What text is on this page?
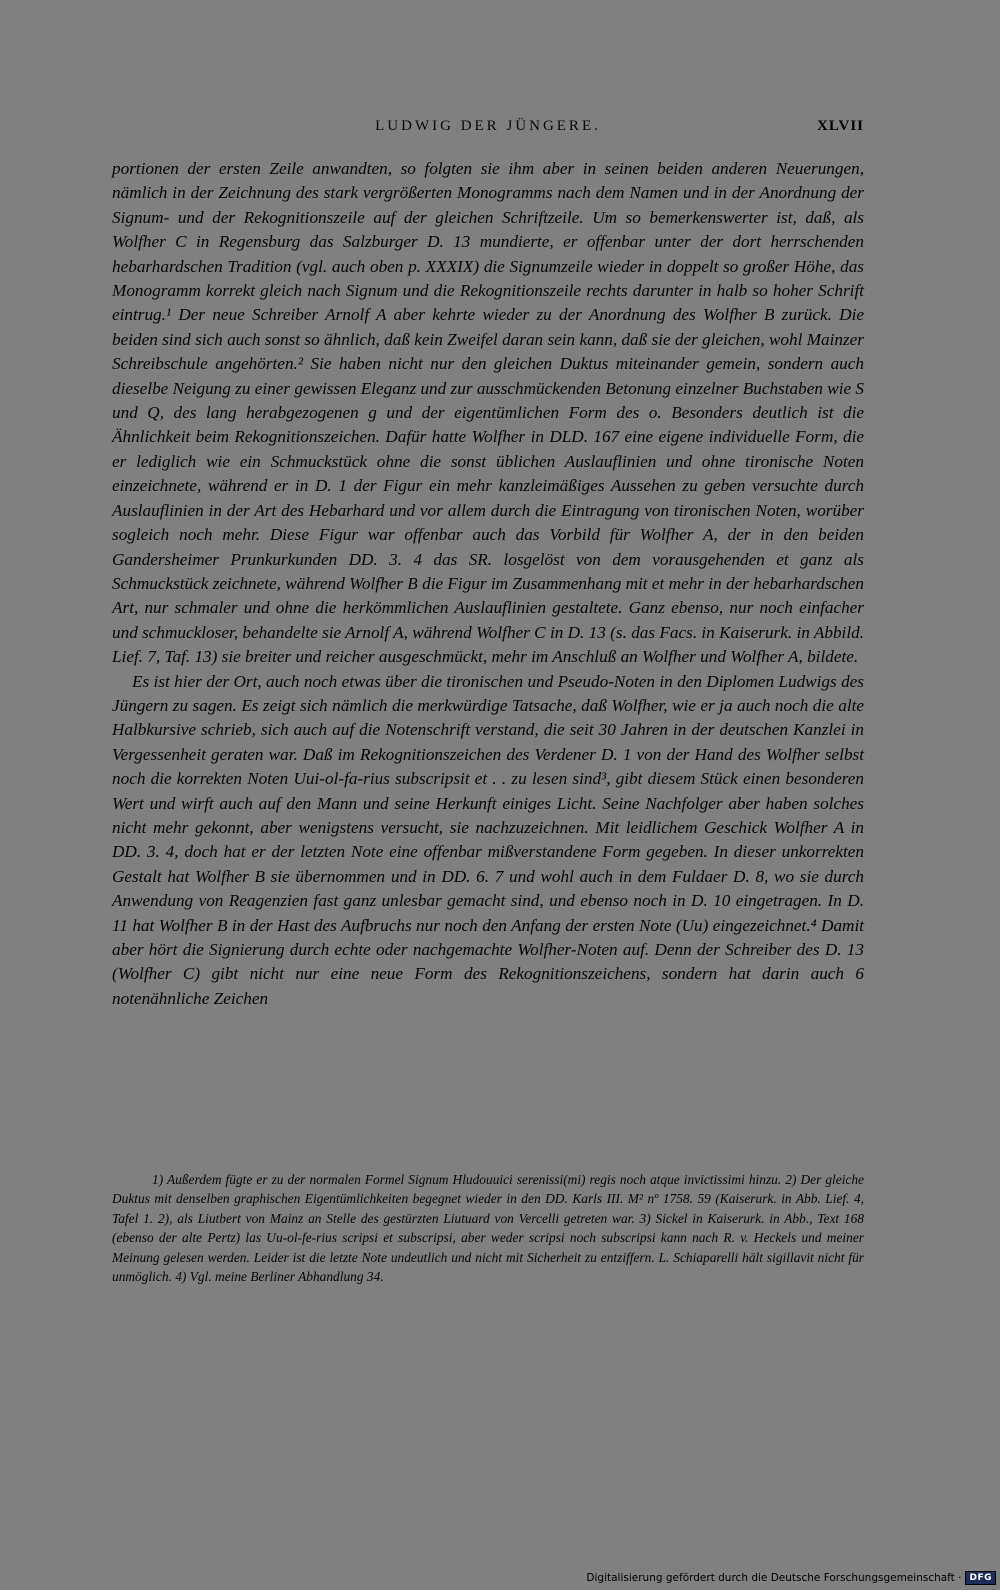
LUDWIG DER JÜNGERE.	XLVII

portionen der ersten Zeile anwandten, so folgten sie ihm aber in seinen beiden anderen Neuerungen, nämlich in der Zeichnung des stark vergrößerten Monogramms nach dem Namen und in der Anordnung der Signum- und der Rekognitionszeile auf der gleichen Schriftzeile. Um so bemerkenswerter ist, daß, als Wolfher C in Regensburg das Salzburger D. 13 mundierte, er offenbar unter der dort herrschenden hebarhardschen Tradition (vgl. auch oben p. XXXIX) die Signumzeile wieder in doppelt so großer Höhe, das Monogramm korrekt gleich nach Signum und die Rekognitionszeile rechts darunter in halb so hoher Schrift eintrug.¹ Der neue Schreiber Arnolf A aber kehrte wieder zu der Anordnung des Wolfher B zurück. Die beiden sind sich auch sonst so ähnlich, daß kein Zweifel daran sein kann, daß sie der gleichen, wohl Mainzer Schreibschule angehörten.² Sie haben nicht nur den gleichen Duktus miteinander gemein, sondern auch dieselbe Neigung zu einer gewissen Eleganz und zur ausschmückenden Betonung einzelner Buchstaben wie S und Q, des lang herabgezogenen g und der eigentümlichen Form des o. Besonders deutlich ist die Ähnlichkeit beim Rekognitionszeichen. Dafür hatte Wolfher in DLD. 167 eine eigene individuelle Form, die er lediglich wie ein Schmuckstück ohne die sonst üblichen Auslauflinien und ohne tironische Noten einzeichnete, während er in D. 1 der Figur ein mehr kanzleimäßiges Aussehen zu geben versuchte durch Auslauflinien in der Art des Hebarhard und vor allem durch die Eintragung von tironischen Noten, worüber sogleich noch mehr. Diese Figur war offenbar auch das Vorbild für Wolfher A, der in den beiden Gandersheimer Prunkurkunden DD. 3. 4 das SR. losgelöst von dem vorausgehenden et ganz als Schmuckstück zeichnete, während Wolfher B die Figur im Zusammenhang mit et mehr in der hebarhardschen Art, nur schmaler und ohne die herkömmlichen Auslauflinien gestaltete. Ganz ebenso, nur noch einfacher und schmuckloser, behandelte sie Arnolf A, während Wolfher C in D. 13 (s. das Facs. in Kaiserurk. in Abbild. Lief. 7, Taf. 13) sie breiter und reicher ausgeschmückt, mehr im Anschluß an Wolfher und Wolfher A, bildete.

Es ist hier der Ort, auch noch etwas über die tironischen und Pseudo-Noten in den Diplomen Ludwigs des Jüngern zu sagen. Es zeigt sich nämlich die merkwürdige Tatsache, daß Wolfher, wie er ja auch noch die alte Halbkursive schrieb, sich auch auf die Notenschrift verstand, die seit 30 Jahren in der deutschen Kanzlei in Vergessenheit geraten war. Daß im Rekognitionszeichen des Verdener D. 1 von der Hand des Wolfher selbst noch die korrekten Noten Uui-ol-fa-rius subscripsit et . . zu lesen sind³, gibt diesem Stück einen besonderen Wert und wirft auch auf den Mann und seine Herkunft einiges Licht. Seine Nachfolger aber haben solches nicht mehr gekonnt, aber wenigstens versucht, sie nachzuzeichnen. Mit leidlichem Geschick Wolfher A in DD. 3. 4, doch hat er der letzten Note eine offenbar mißverstandene Form gegeben. In dieser unkorrekten Gestalt hat Wolfher B sie übernommen und in DD. 6. 7 und wohl auch in dem Fuldaer D. 8, wo sie durch Anwendung von Reagenzien fast ganz unlesbar gemacht sind, und ebenso noch in D. 10 eingetragen. In D. 11 hat Wolfher B in der Hast des Aufbruchs nur noch den Anfang der ersten Note (Uu) eingezeichnet.⁴ Damit aber hört die Signierung durch echte oder nachgemachte Wolfher-Noten auf. Denn der Schreiber des D. 13 (Wolfher C) gibt nicht nur eine neue Form des Rekognitionszeichens, sondern hat darin auch 6 notenähnliche Zeichen

1) Außerdem fügte er zu der normalen Formel Signum Hludouuici serenissi(mi) regis noch atque invictissimi hinzu. 2) Der gleiche Duktus mit denselben graphischen Eigentümlichkeiten begegnet wieder in den DD. Karls III. M² nº 1758. 59 (Kaiserurk. in Abb. Lief. 4, Tafel 1. 2), als Liutbert von Mainz an Stelle des gestürzten Liutuard von Vercelli getreten war. 3) Sickel in Kaiserurk. in Abb., Text 168 (ebenso der alte Pertz) las Uu-ol-fe-rius scripsi et subscripsi, aber weder scripsi noch subscripsi kann nach R. v. Heckels und meiner Meinung gelesen werden. Leider ist die letzte Note undeutlich und nicht mit Sicherheit zu entziffern. L. Schiaparelli hält sigillavit nicht für unmöglich. 4) Vgl. meine Berliner Abhandlung 34.

Digitalisierung gefördert durch die Deutsche Forschungsgemeinschaft · DFG
